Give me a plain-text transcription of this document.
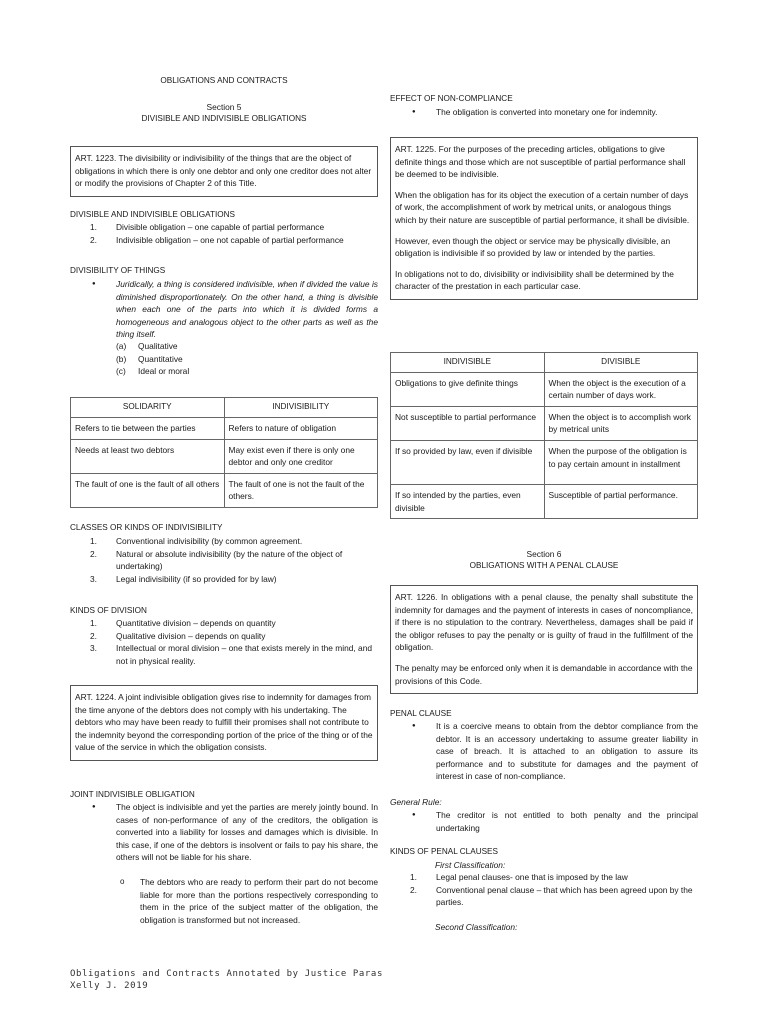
OBLIGATIONS AND CONTRACTS
Section 5
DIVISIBLE AND INDIVISIBLE OBLIGATIONS

ART. 1223. The divisibility or indivisibility of the things that are the object of obligations in which there is only one debtor and only one creditor does not alter or modify the provisions of Chapter 2 of this Title.

DIVISIBLE AND INDIVISIBLE OBLIGATIONS
1. Divisible obligation – one capable of partial performance
2. Indivisible obligation – one not capable of partial performance
DIVISIBILITY OF THINGS
● Juridically, a thing is considered indivisible, when if divided the value is diminished disproportionately. On the other hand, a thing is divisible when each one of the parts into which it is divided forms a homogeneous and analogous object to the other parts as well as the thing itself.
(a) Qualitative
(b) Quantitative
(c) Ideal or moral
SOLIDARITY	INDIVISIBILITY
Refers to tie between the parties	Refers to nature of obligation
Needs at least two debtors	May exist even if there is only one debtor and only one creditor
The fault of one is the fault of all others	The fault of one is not the fault of the others.
CLASSES OR KINDS OF INDIVISIBILITY
1. Conventional indivisibility (by common agreement.
2. Natural or absolute indivisibility (by the nature of the object of undertaking)
3. Legal indivisibility (if so provided for by law)
KINDS OF DIVISION
1. Quantitative division – depends on quantity
2. Qualitative division – depends on quality
3. Intellectual or moral division – one that exists merely in the mind, and not in physical reality.

ART. 1224. A joint indivisible obligation gives rise to indemnity for damages from the time anyone of the debtors does not comply with his undertaking. The debtors who may have been ready to fulfill their promises shall not contribute to the indemnity beyond the corresponding portion of the price of the thing or of the value of the service in which the obligation consists.

JOINT INDIVISIBLE OBLIGATION
● The object is indivisible and yet the parties are merely jointly bound. In cases of non-performance of any of the creditors, the obligation is converted into a liability for losses and damages which is divisible. In this case, if one of the debtors is insolvent or fails to pay his share, the others will not be liable for his share.
o The debtors who are ready to perform their part do not become liable for more than the portions respectively corresponding to them in the price of the subject matter of the obligation, the obligation is transformed but not increased.
EFFECT OF NON-COMPLIANCE
● The obligation is converted into monetary one for indemnity.

ART. 1225. For the purposes of the preceding articles, obligations to give definite things and those which are not susceptible of partial performance shall be deemed to be indivisible.

When the obligation has for its object the execution of a certain number of days of work, the accomplishment of work by metrical units, or analogous things which by their nature are susceptible of partial performance, it shall be divisible.

However, even though the object or service may be physically divisible, an obligation is indivisible if so provided by law or intended by the parties.

In obligations not to do, divisibility or indivisibility shall be determined by the character of the prestation in each particular case.

INDIVISIBLE	DIVISIBLE
Obligations to give definite things	When the object is the execution of a certain number of days work.
Not susceptible to partial performance	When the object is to accomplish work by metrical units
If so provided by law, even if divisible	When the purpose of the obligation is to pay certain amount in installment
If so intended by the parties, even divisible	Susceptible of partial performance.
Section 6
OBLIGATIONS WITH A PENAL CLAUSE

ART. 1226. In obligations with a penal clause, the penalty shall substitute the indemnity for damages and the payment of interests in cases of noncompliance, if there is no stipulation to the contrary. Nevertheless, damages shall be paid if the obligor refuses to pay the penalty or is guilty of fraud in the fulfillment of the obligation.

The penalty may be enforced only when it is demandable in accordance with the provisions of this Code.

PENAL CLAUSE
● It is a coercive means to obtain from the debtor compliance from the debtor. It is an accessory undertaking to assume greater liability in case of breach. It is attached to an obligation to assure its performance and to substitute for damages and the payment of interest in case of non-compliance.
General Rule:
● The creditor is not entitled to both penalty and the principal undertaking
KINDS OF PENAL CLAUSES
First Classification:
1. Legal penal clauses- one that is imposed by the law
2. Conventional penal clause – that which has been agreed upon by the parties.
Second Classification:
Obligations and Contracts Annotated by Justice Paras
Xelly J. 2019
